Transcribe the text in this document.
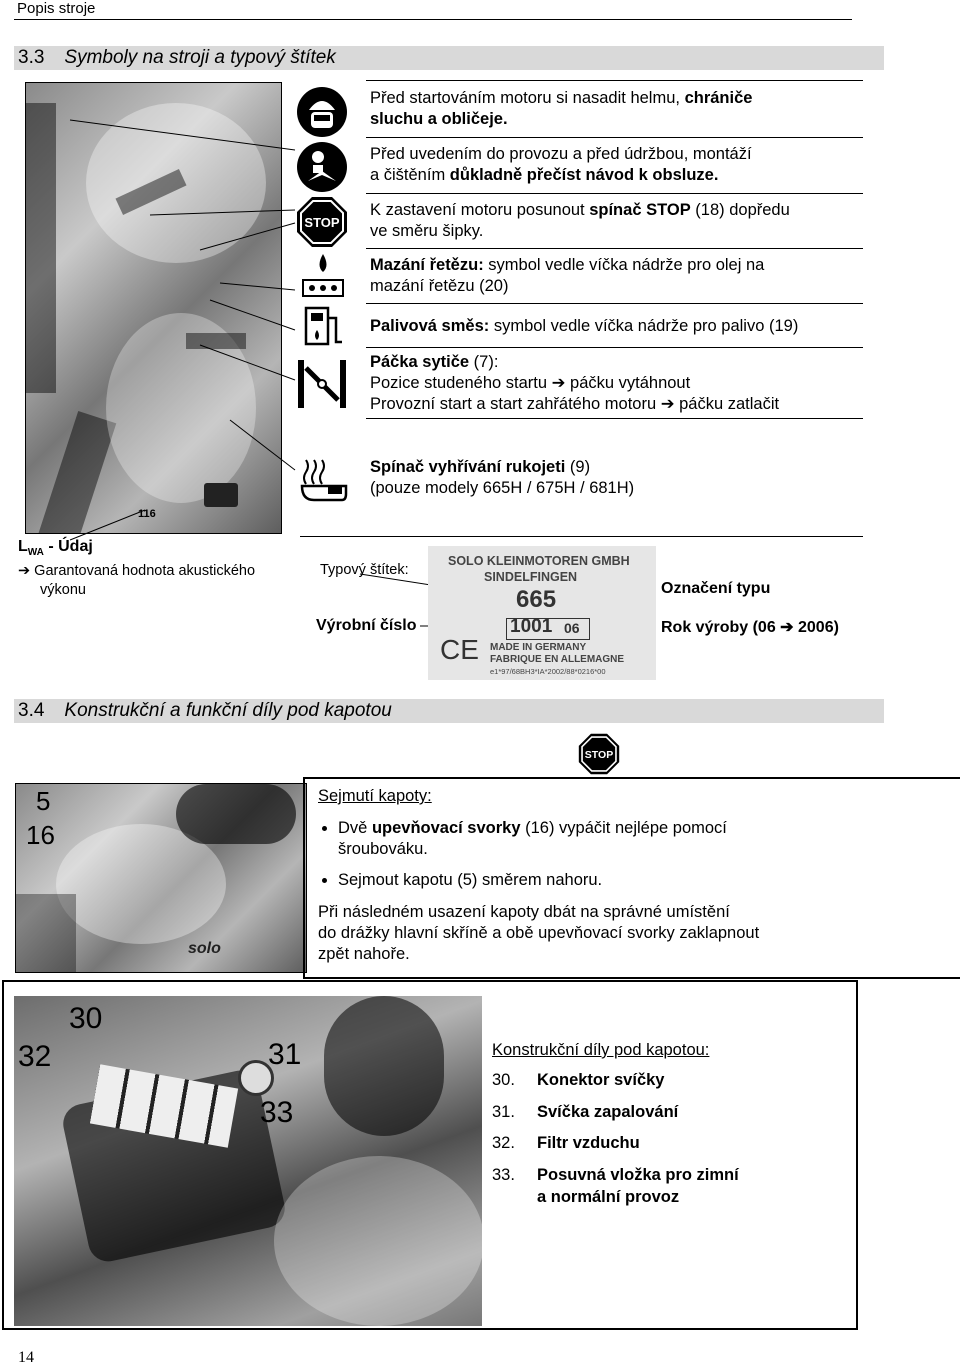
Popis stroje
3.3 Symboly na stroji a typový štítek
116
STOP
Před startováním motoru si nasadit helmu, chrániče
sluchu a obličeje.
Před uvedením do provozu a před údržbou, montáží
a čištěním důkladně přečíst návod k obsluze.
K zastavení motoru posunout spínač STOP (18) dopředu
ve směru šipky.
Mazání řetězu: symbol vedle víčka nádrže pro olej na
mazání řetězu (20)
Palivová směs: symbol vedle víčka nádrže pro palivo (19)
Páčka sytiče (7):
Pozice studeného startu ➔ páčku vytáhnout
Provozní start a start zahřátého motoru ➔ páčku zatlačit
Spínač vyhřívání rukojeti (9)
(pouze modely 665H / 675H / 681H)
$L_{WA}$ - Údaj
➔ Garantovaná hodnota akustického
výkonu
Typový štítek:
Výrobní číslo
Označení typu
Rok výroby (06 ➔ 2006)
SOLO KLEINMOTOREN GMBH
SINDELFINGEN
665
1001 06
CE MADE IN GERMANY
FABRIQUE EN ALLEMAGNE
e1*97/68BH3*IA*2002/88*0216*00
3.4 Konstrukční a funkční díly pod kapotou
STOP
solo
5
16
Sejmutí kapoty:
• Dvě upevňovací svorky (16) vypáčit nejlépe pomocí
šroubováku.
• Sejmout kapotu (5) směrem nahoru.
Při následném usazení kapoty dbát na správné umístění
do drážky hlavní skříně a obě upevňovací svorky zaklapnout
zpět nahoře.
30
31
32
33
Konstrukční díly pod kapotou:
30. Konektor svíčky
31. Svíčka zapalování
32. Filtr vzduchu
33. Posuvná vložka pro zimní
a normální provoz
14
